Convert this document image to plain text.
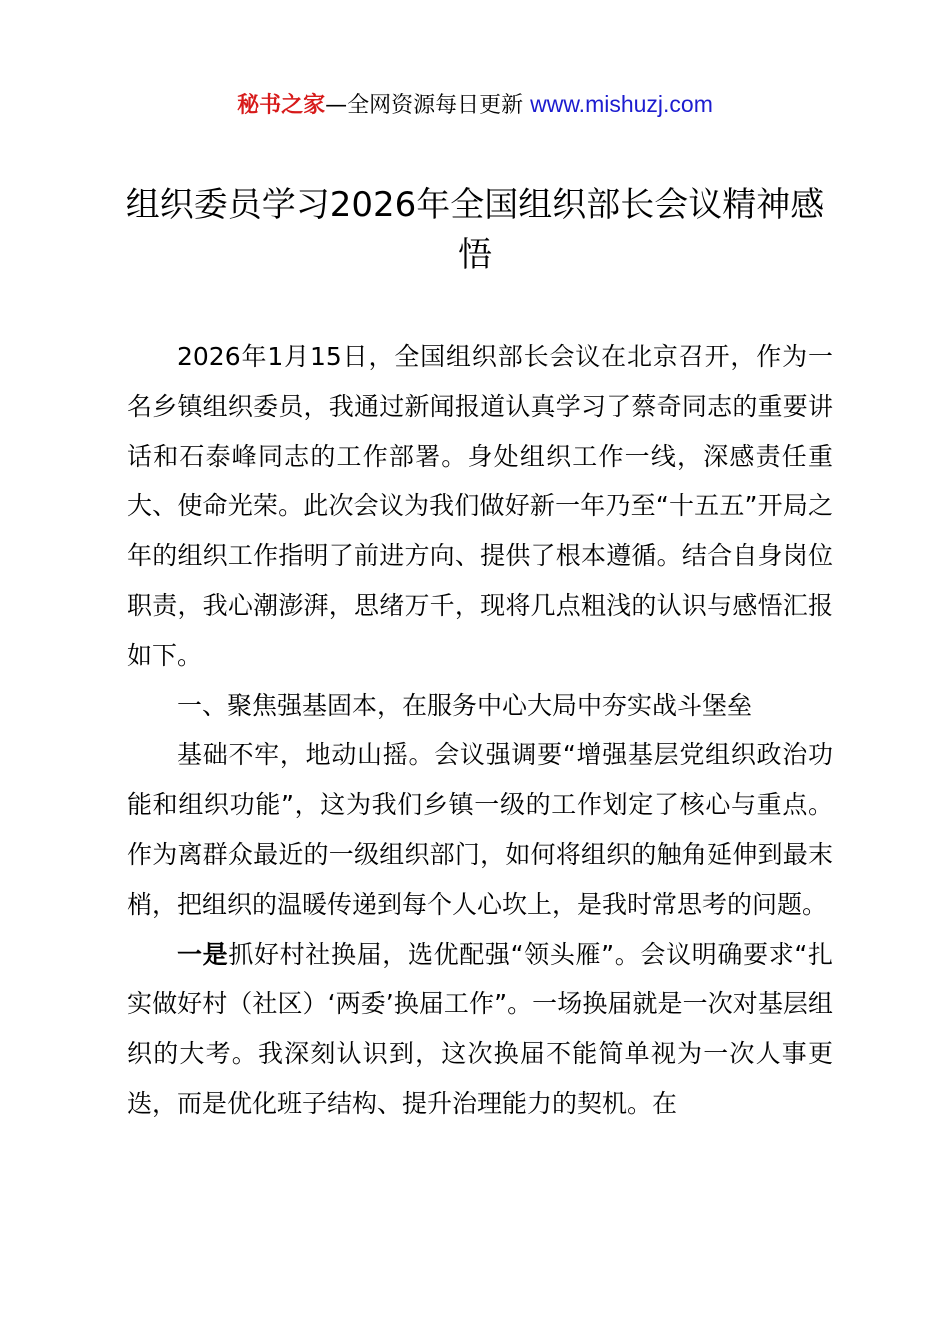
秘书之家—全网资源每日更新 www.mishuzj.com
组织委员学习2026年全国组织部长会议精神感悟

2026年1月15日，全国组织部长会议在北京召开，作为一名乡镇组织委员，我通过新闻报道认真学习了蔡奇同志的重要讲话和石泰峰同志的工作部署。身处组织工作一线，深感责任重大、使命光荣。此次会议为我们做好新一年乃至“十五五”开局之年的组织工作指明了前进方向、提供了根本遵循。结合自身岗位职责，我心潮澎湃，思绪万千，现将几点粗浅的认识与感悟汇报如下。

一、聚焦强基固本，在服务中心大局中夯实战斗堡垒

基础不牢，地动山摇。会议强调要“增强基层党组织政治功能和组织功能”，这为我们乡镇一级的工作划定了核心与重点。作为离群众最近的一级组织部门，如何将组织的触角延伸到最末梢，把组织的温暖传递到每个人心坎上，是我时常思考的问题。

一是抓好村社换届，选优配强“领头雁”。会议明确要求“扎实做好村（社区）‘两委’换届工作”。一场换届就是一次对基层组织的大考。我深刻认识到，这次换届不能简单视为一次人事更迭，而是优化班子结构、提升治理能力的契机。在
